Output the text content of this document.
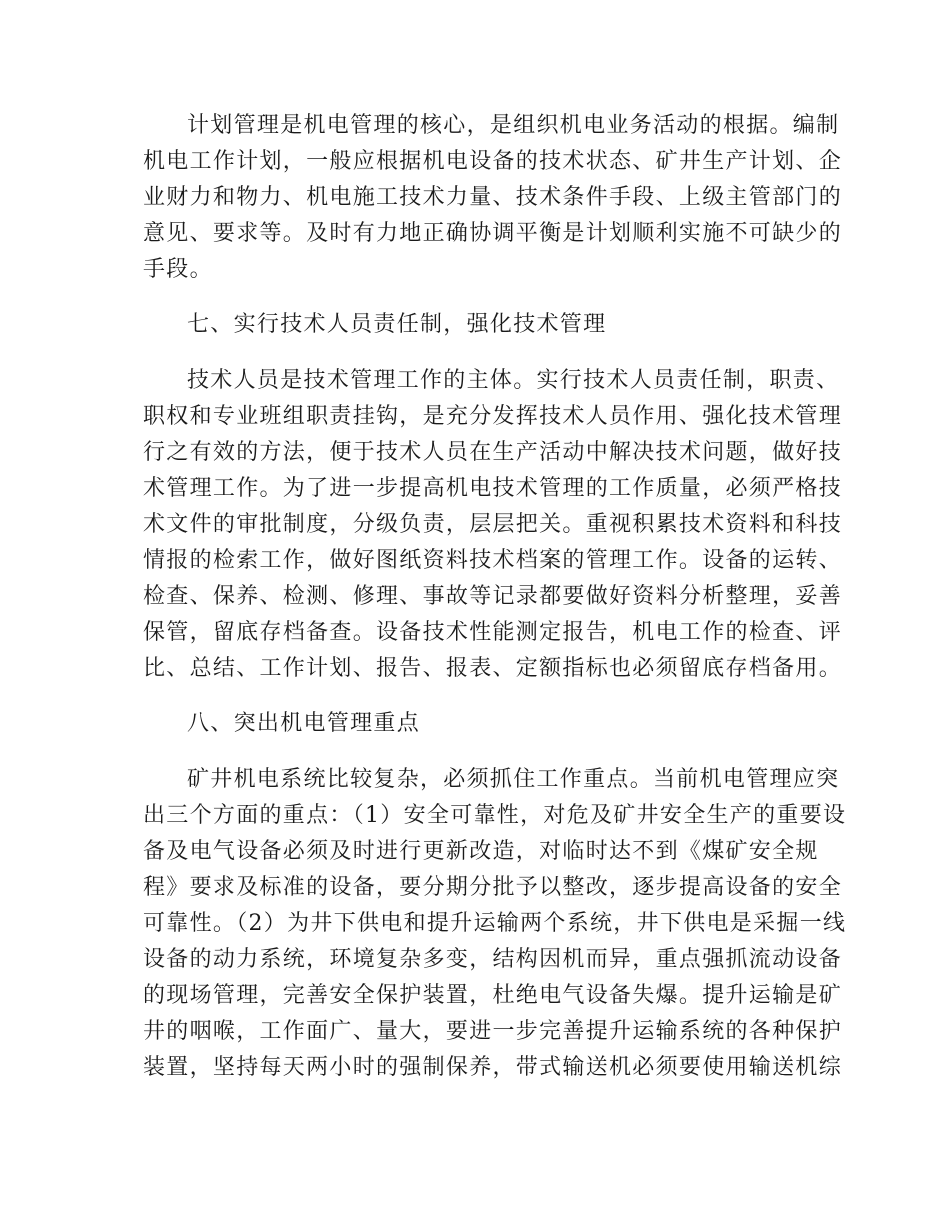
计划管理是机电管理的核心，是组织机电业务活动的根据。编制
机电工作计划，一般应根据机电设备的技术状态、矿井生产计划、企
业财力和物力、机电施工技术力量、技术条件手段、上级主管部门的
意见、要求等。及时有力地正确协调平衡是计划顺利实施不可缺少的
手段。
七、实行技术人员责任制，强化技术管理
技术人员是技术管理工作的主体。实行技术人员责任制，职责、
职权和专业班组职责挂钩，是充分发挥技术人员作用、强化技术管理
行之有效的方法，便于技术人员在生产活动中解决技术问题，做好技
术管理工作。为了进一步提高机电技术管理的工作质量，必须严格技
术文件的审批制度，分级负责，层层把关。重视积累技术资料和科技
情报的检索工作，做好图纸资料技术档案的管理工作。设备的运转、
检查、保养、检测、修理、事故等记录都要做好资料分析整理，妥善
保管，留底存档备查。设备技术性能测定报告，机电工作的检查、评
比、总结、工作计划、报告、报表、定额指标也必须留底存档备用。
八、突出机电管理重点
矿井机电系统比较复杂，必须抓住工作重点。当前机电管理应突
出三个方面的重点：（1）安全可靠性，对危及矿井安全生产的重要设
备及电气设备必须及时进行更新改造，对临时达不到《煤矿安全规
程》要求及标准的设备，要分期分批予以整改，逐步提高设备的安全
可靠性。（2）为井下供电和提升运输两个系统，井下供电是采掘一线
设备的动力系统，环境复杂多变，结构因机而异，重点强抓流动设备
的现场管理，完善安全保护装置，杜绝电气设备失爆。提升运输是矿
井的咽喉，工作面广、量大，要进一步完善提升运输系统的各种保护
装置，坚持每天两小时的强制保养，带式输送机必须要使用输送机综
